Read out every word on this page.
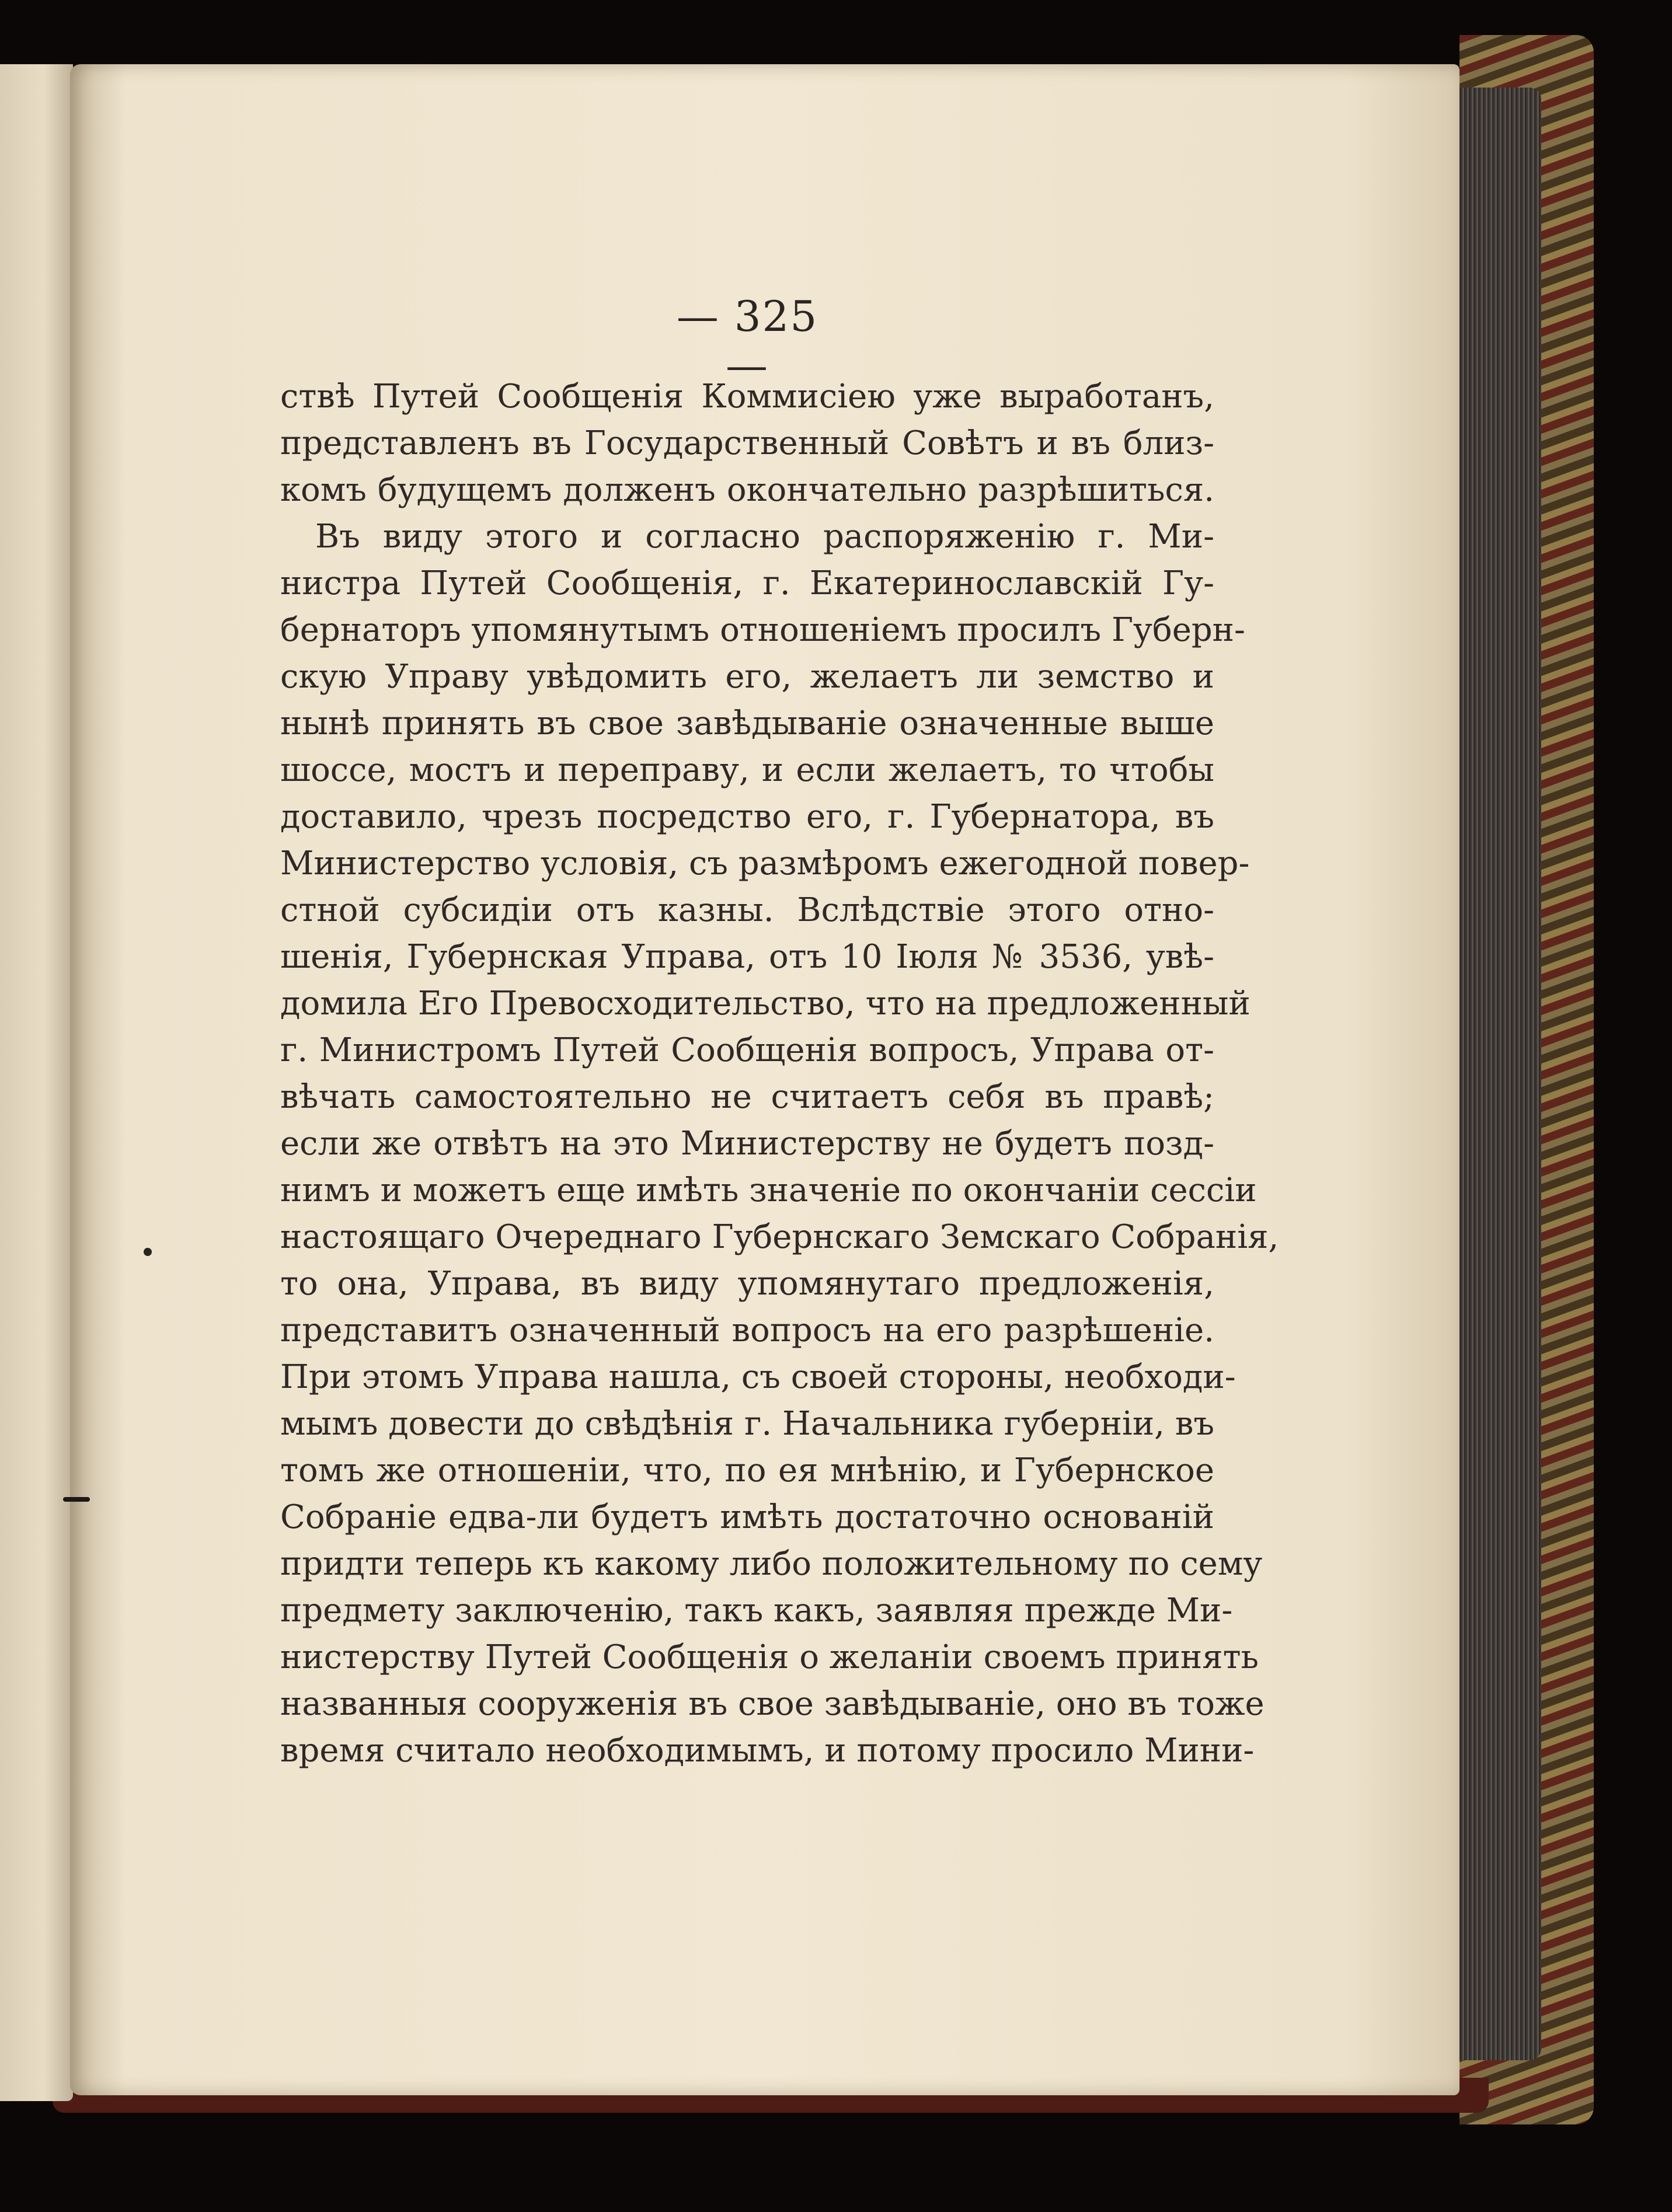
— 325 —
ствѣ Путей Сообщенія Коммисіею уже выработанъ,
представленъ въ Государственный Совѣтъ и въ близ-
комъ будущемъ долженъ окончательно разрѣшиться.
Въ виду этого и согласно распоряженію г. Ми-
нистра Путей Сообщенія, г. Екатеринославскій Гу-
бернаторъ упомянутымъ отношеніемъ просилъ Губерн-
скую Управу увѣдомить его, желаетъ ли земство и
нынѣ принять въ свое завѣдываніе означенные выше
шоссе, мостъ и переправу, и если желаетъ, то чтобы
доставило, чрезъ посредство его, г. Губернатора, въ
Министерство условія, съ размѣромъ ежегодной повер-
стной субсидіи отъ казны. Вслѣдствіе этого отно-
шенія, Губернская Управа, отъ 10 Іюля № 3536, увѣ-
домила Его Превосходительство, что на предложенный
г. Министромъ Путей Сообщенія вопросъ, Управа от-
вѣчать самостоятельно не считаетъ себя въ правѣ;
если же отвѣтъ на это Министерству не будетъ позд-
нимъ и можетъ еще имѣть значеніе по окончаніи сессіи
настоящаго Очереднаго Губернскаго Земскаго Собранія,
то она, Управа, въ виду упомянутаго предложенія,
представитъ означенный вопросъ на его разрѣшеніе.
При этомъ Управа нашла, съ своей стороны, необходи-
мымъ довести до свѣдѣнія г. Начальника губерніи, въ
томъ же отношеніи, что, по ея мнѣнію, и Губернское
Собраніе едва-ли будетъ имѣть достаточно основаній
придти теперь къ какому либо положительному по сему
предмету заключенію, такъ какъ, заявляя прежде Ми-
нистерству Путей Сообщенія о желаніи своемъ принять
названныя сооруженія въ свое завѣдываніе, оно въ тоже
время считало необходимымъ, и потому просило Мини-
